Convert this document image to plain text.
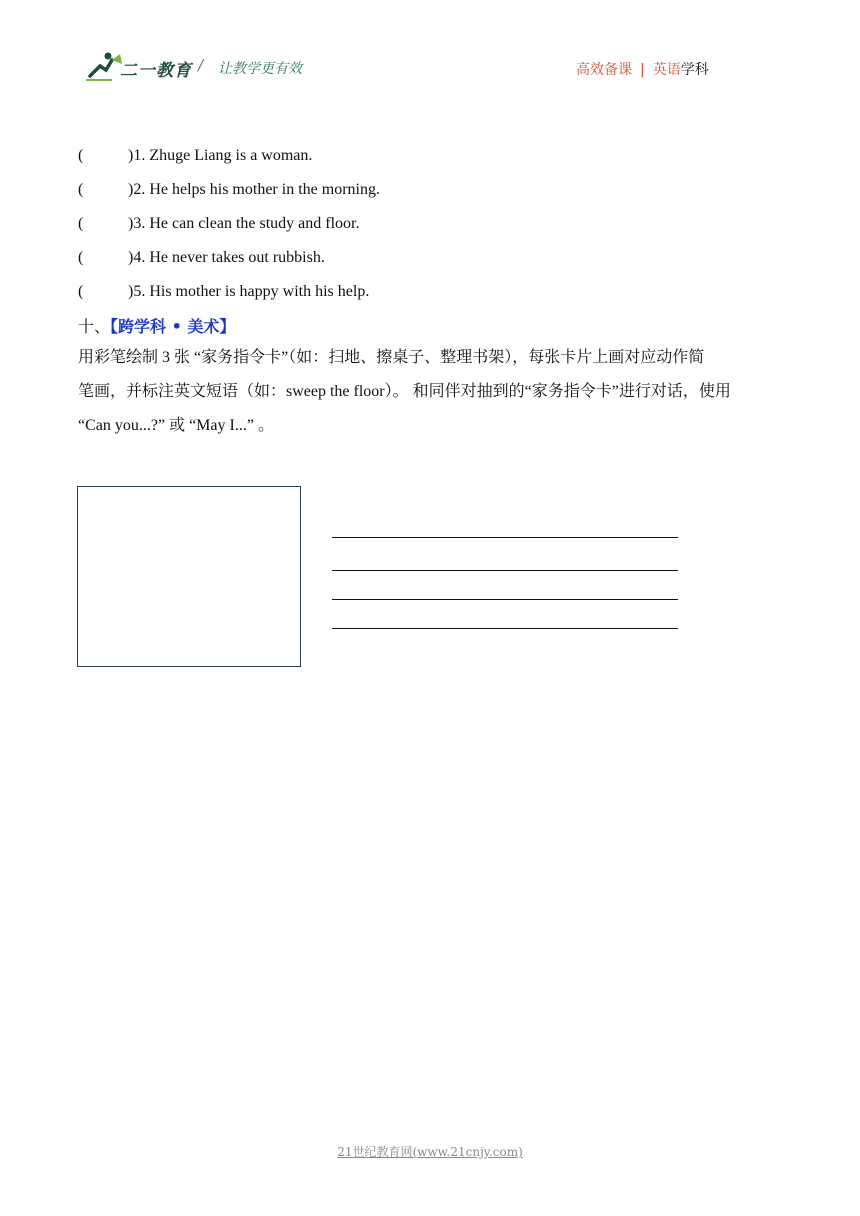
二一教育 / 让教学更有效	高效备课 | 英语学科
(	)1. Zhuge Liang is a woman.
(	)2. He helps his mother in the morning.
(	)3. He can clean the study and floor.
(	)4. He never takes out rubbish.
(	)5. His mother is happy with his help.
十、【跨学科 • 美术】
用彩笔绘制 3 张 “家务指令卡”（如：扫地、擦桌子、整理书架），每张卡片上画对应动作简
笔画，并标注英文短语（如：sweep the floor）。 和同伴对抽到的“家务指令卡”进行对话，使用
“Can you...?” 或 “May I...” 。
21世纪教育网(www.21cnjy.com)
